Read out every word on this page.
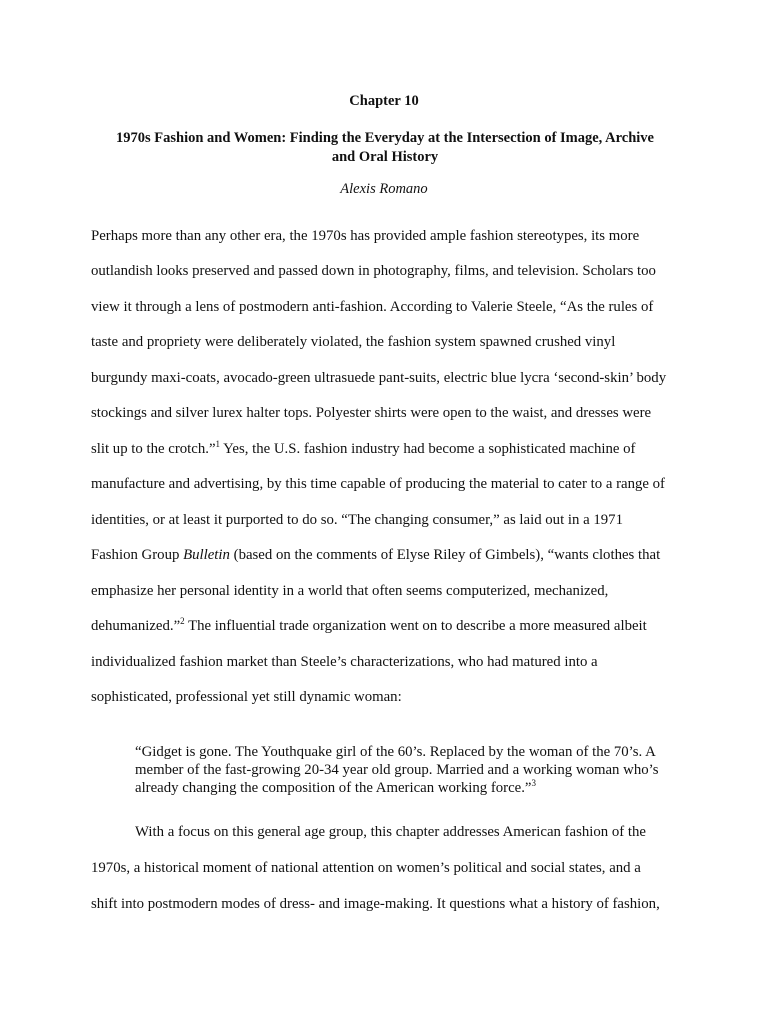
Chapter 10
1970s Fashion and Women: Finding the Everyday at the Intersection of Image, Archive
and Oral History
Alexis Romano
Perhaps more than any other era, the 1970s has provided ample fashion stereotypes, its more
outlandish looks preserved and passed down in photography, films, and television. Scholars too
view it through a lens of postmodern anti-fashion. According to Valerie Steele, “As the rules of
taste and propriety were deliberately violated, the fashion system spawned crushed vinyl
burgundy maxi-coats, avocado-green ultrasuede pant-suits, electric blue lycra ‘second-skin’ body
stockings and silver lurex halter tops. Polyester shirts were open to the waist, and dresses were
slit up to the crotch.”$^1$ Yes, the U.S. fashion industry had become a sophisticated machine of
manufacture and advertising, by this time capable of producing the material to cater to a range of
identities, or at least it purported to do so. “The changing consumer,” as laid out in a 1971
Fashion Group Bulletin (based on the comments of Elyse Riley of Gimbels), “wants clothes that
emphasize her personal identity in a world that often seems computerized, mechanized,
dehumanized.”$^2$ The influential trade organization went on to describe a more measured albeit
individualized fashion market than Steele’s characterizations, who had matured into a
sophisticated, professional yet still dynamic woman:
“Gidget is gone. The Youthquake girl of the 60’s. Replaced by the woman of the 70’s. A
member of the fast-growing 20-34 year old group. Married and a working woman who’s
already changing the composition of the American working force.”$^3$
With a focus on this general age group, this chapter addresses American fashion of the
1970s, a historical moment of national attention on women’s political and social states, and a
shift into postmodern modes of dress- and image-making. It questions what a history of fashion,
